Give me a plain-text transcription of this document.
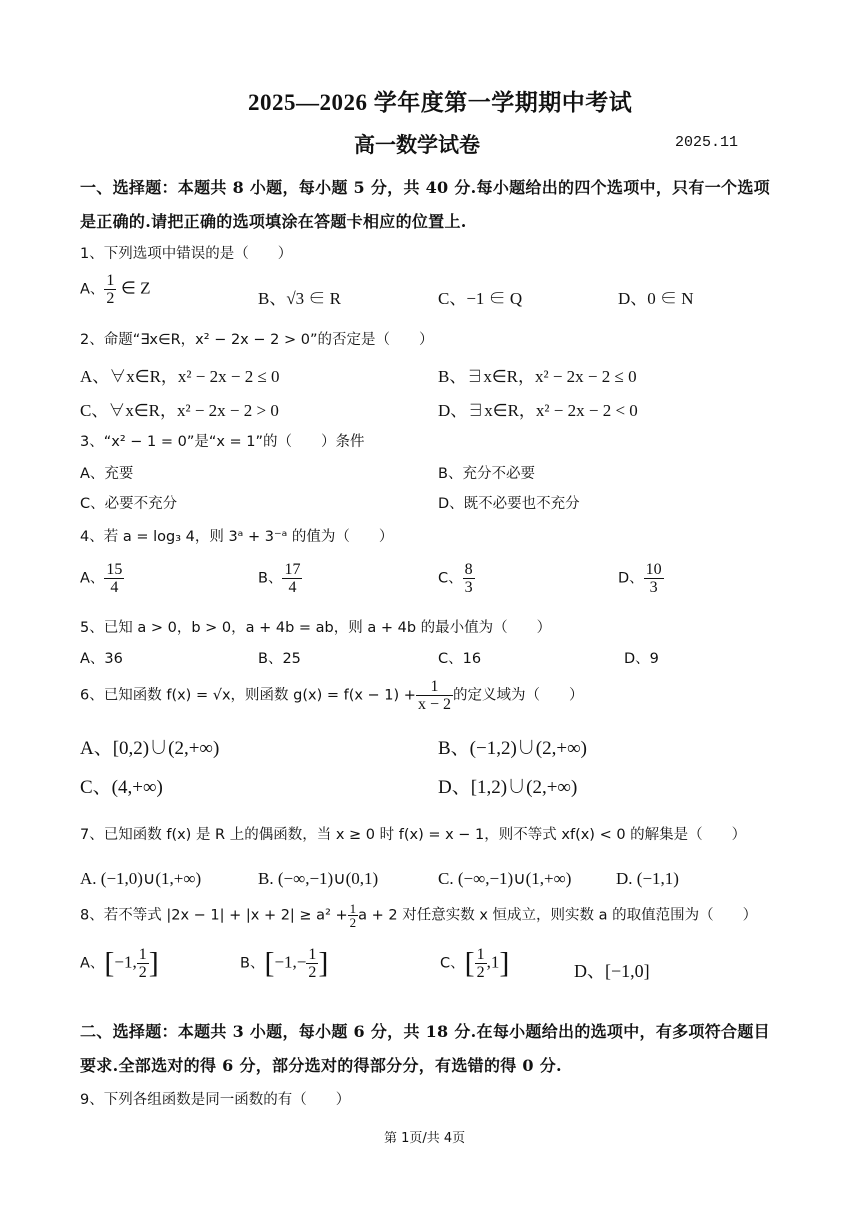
2025—2026 学年度第一学期期中考试
高一数学试卷	2025.11
一、选择题：本题共 8 小题，每小题 5 分，共 40 分.每小题给出的四个选项中，只有一个选项
是正确的.请把正确的选项填涂在答题卡相应的位置上.
1、下列选项中错误的是（　　）
A、 $\frac{1}{2}$ ∈ Z
B、√3 ∈ R	C、−1 ∈ Q	D、0 ∈ N
2、命题“∃x∈R，x² − 2x − 2 > 0”的否定是（　　）
A、∀x∈R，x² − 2x − 2 ≤ 0	B、∃x∈R，x² − 2x − 2 ≤ 0
C、∀x∈R，x² − 2x − 2 > 0	D、∃x∈R，x² − 2x − 2 < 0
3、“x² − 1 = 0”是“x = 1”的（　　）条件
A、充要	B、充分不必要
C、必要不充分	D、既不必要也不充分
4、若 a = log₃ 4，则 3ᵃ + 3⁻ᵃ 的值为（　　）
A、 $\frac{15}{4}$	B、 $\frac{17}{4}$	C、 $\frac{8}{3}$	D、 $\frac{10}{3}$
5、已知 a > 0，b > 0，a + 4b = ab，则 a + 4b 的最小值为（　　）
A、36	B、25	C、16	D、9
6、已知函数 f(x) = √x，则函数 $g(x) = f(x - 1) + \frac{1}{x - 2}$ 的定义域为（　　）
A、[0,2)∪(2,+∞)	B、(−1,2)∪(2,+∞)
C、(4,+∞)	D、[1,2)∪(2,+∞)
7、已知函数 f(x) 是 R 上的偶函数，当 x ≥ 0 时 f(x) = x − 1，则不等式 xf(x) < 0 的解集是（　　）
A. (−1,0)∪(1,+∞)	B. (−∞,−1)∪(0,1)	C. (−∞,−1)∪(1,+∞)	D. (−1,1)
8、若不等式 $|2x - 1| + |x + 2| \ge a^2 + \frac{1}{2}$ a + 2 对任意实数 x 恒成立，则实数 a 的取值范围为（　　）
A、[−1, $\frac{1}{2}$ ]	B、[$-1,- \frac{1}{2}$ ]	C、[ $\frac{1}{2} ,1$]	D、[−1,0]
二、选择题：本题共 3 小题，每小题 6 分，共 18 分.在每小题给出的选项中，有多项符合题目
要求.全部选对的得 6 分，部分选对的得部分分，有选错的得 0 分.
9、下列各组函数是同一函数的有（　　）
第 1页/共 4页
